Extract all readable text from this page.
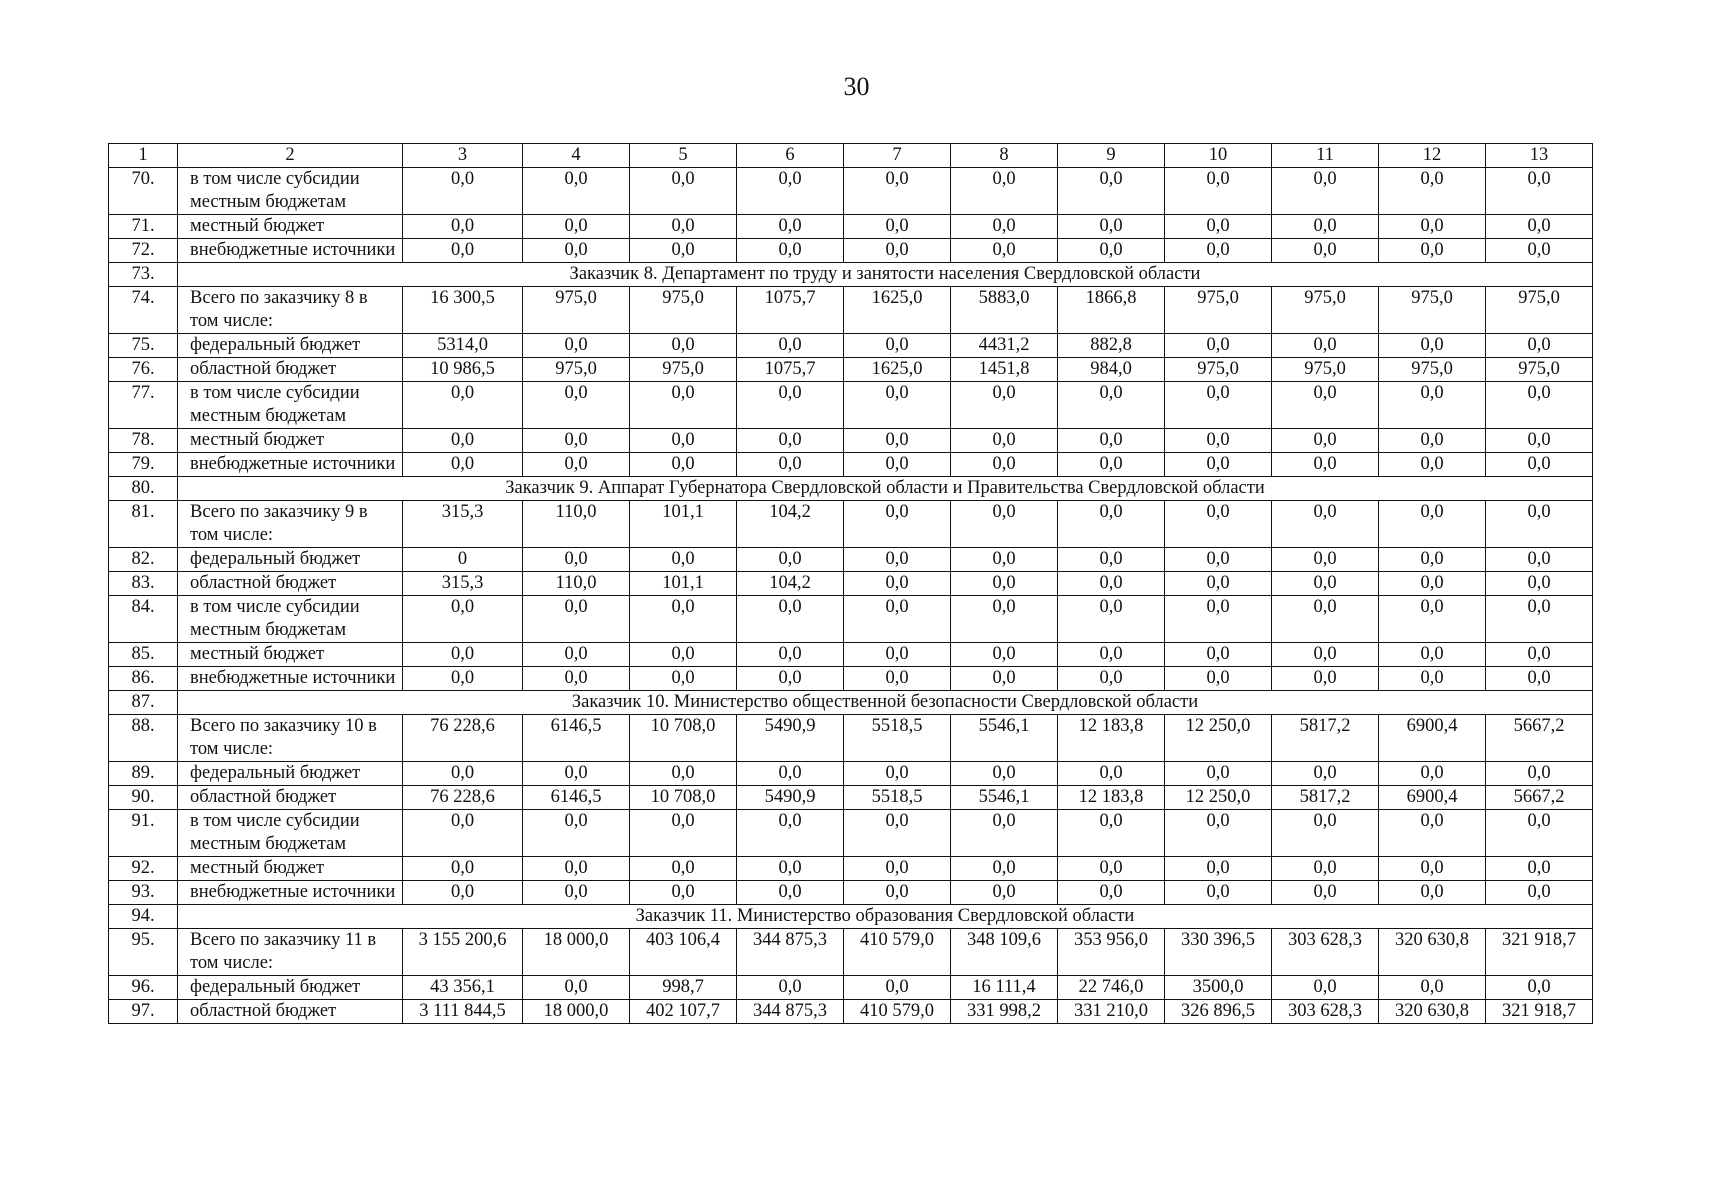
30
1	2	3	4	5	6	7	8	9	10	11	12	13
70.	в том числе субсидии местным бюджетам	0,0	0,0	0,0	0,0	0,0	0,0	0,0	0,0	0,0	0,0	0,0
71.	местный бюджет	0,0	0,0	0,0	0,0	0,0	0,0	0,0	0,0	0,0	0,0	0,0
72.	внебюджетные источники	0,0	0,0	0,0	0,0	0,0	0,0	0,0	0,0	0,0	0,0	0,0
73.	Заказчик 8. Департамент по труду и занятости населения Свердловской области											
74.	Всего по заказчику 8 в том числе:	16 300,5	975,0	975,0	1075,7	1625,0	5883,0	1866,8	975,0	975,0	975,0	975,0
75.	федеральный бюджет	5314,0	0,0	0,0	0,0	0,0	4431,2	882,8	0,0	0,0	0,0	0,0
76.	областной бюджет	10 986,5	975,0	975,0	1075,7	1625,0	1451,8	984,0	975,0	975,0	975,0	975,0
77.	в том числе субсидии местным бюджетам	0,0	0,0	0,0	0,0	0,0	0,0	0,0	0,0	0,0	0,0	0,0
78.	местный бюджет	0,0	0,0	0,0	0,0	0,0	0,0	0,0	0,0	0,0	0,0	0,0
79.	внебюджетные источники	0,0	0,0	0,0	0,0	0,0	0,0	0,0	0,0	0,0	0,0	0,0
80.	Заказчик 9. Аппарат Губернатора Свердловской области и Правительства Свердловской области											
81.	Всего по заказчику 9 в том числе:	315,3	110,0	101,1	104,2	0,0	0,0	0,0	0,0	0,0	0,0	0,0
82.	федеральный бюджет	0	0,0	0,0	0,0	0,0	0,0	0,0	0,0	0,0	0,0	0,0
83.	областной бюджет	315,3	110,0	101,1	104,2	0,0	0,0	0,0	0,0	0,0	0,0	0,0
84.	в том числе субсидии местным бюджетам	0,0	0,0	0,0	0,0	0,0	0,0	0,0	0,0	0,0	0,0	0,0
85.	местный бюджет	0,0	0,0	0,0	0,0	0,0	0,0	0,0	0,0	0,0	0,0	0,0
86.	внебюджетные источники	0,0	0,0	0,0	0,0	0,0	0,0	0,0	0,0	0,0	0,0	0,0
87.	Заказчик 10. Министерство общественной безопасности Свердловской области											
88.	Всего по заказчику 10 в том числе:	76 228,6	6146,5	10 708,0	5490,9	5518,5	5546,1	12 183,8	12 250,0	5817,2	6900,4	5667,2
89.	федеральный бюджет	0,0	0,0	0,0	0,0	0,0	0,0	0,0	0,0	0,0	0,0	0,0
90.	областной бюджет	76 228,6	6146,5	10 708,0	5490,9	5518,5	5546,1	12 183,8	12 250,0	5817,2	6900,4	5667,2
91.	в том числе субсидии местным бюджетам	0,0	0,0	0,0	0,0	0,0	0,0	0,0	0,0	0,0	0,0	0,0
92.	местный бюджет	0,0	0,0	0,0	0,0	0,0	0,0	0,0	0,0	0,0	0,0	0,0
93.	внебюджетные источники	0,0	0,0	0,0	0,0	0,0	0,0	0,0	0,0	0,0	0,0	0,0
94.	Заказчик 11. Министерство образования Свердловской области											
95.	Всего по заказчику 11 в том числе:	3 155 200,6	18 000,0	403 106,4	344 875,3	410 579,0	348 109,6	353 956,0	330 396,5	303 628,3	320 630,8	321 918,7
96.	федеральный бюджет	43 356,1	0,0	998,7	0,0	0,0	16 111,4	22 746,0	3500,0	0,0	0,0	0,0
97.	областной бюджет	3 111 844,5	18 000,0	402 107,7	344 875,3	410 579,0	331 998,2	331 210,0	326 896,5	303 628,3	320 630,8	321 918,7
